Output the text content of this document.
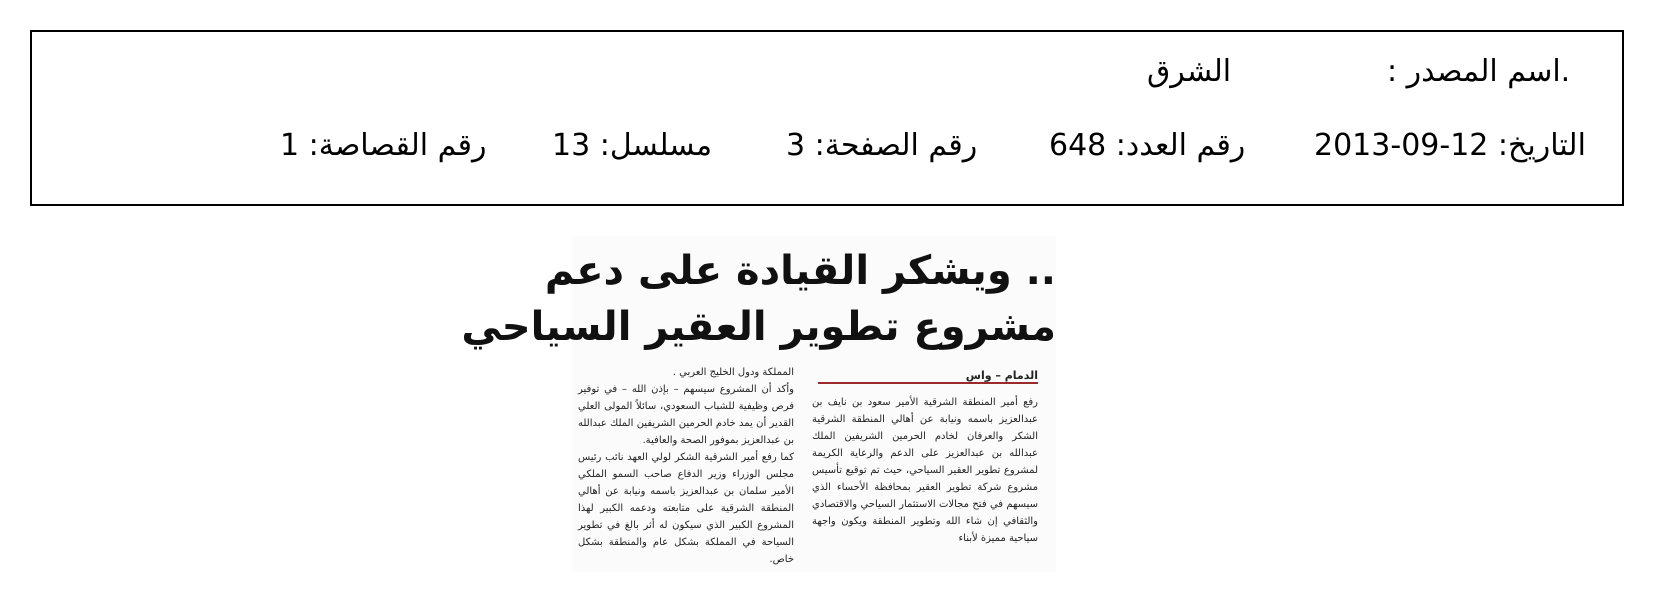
.اسم المصدر :
الشرق
التاريخ: 12-09-2013
رقم العدد: 648
رقم الصفحة: 3
مسلسل: 13
رقم القصاصة: 1
.. ويشكر القيادة على دعم
مشروع تطوير العقير السياحي
الدمام – واس

رفع أمير المنطقة الشرقية الأمير سعود بن نايف بن عبدالعزيز باسمه ونيابة عن أهالي المنطقة الشرقية الشكر والعرفان لخادم الحرمين الشريفين الملك عبدالله بن عبدالعزيز على الدعم والرعاية الكريمة لمشروع تطوير العقير السياحي، حيث تم توقيع تأسيس مشروع شركة تطوير العقير بمحافظة الأحساء الذي سيسهم في فتح مجالات الاستثمار السياحي والاقتصادي والثقافي إن شاء الله وتطوير المنطقة ويكون واجهة سياحية مميزة لأبناء

المملكة ودول الخليج العربي .

وأكد أن المشروع سيسهم – بإذن الله – في توفير فرص وظيفية للشباب السعودي، سائلاً المولى العلي القدير أن يمد خادم الحرمين الشريفين الملك عبدالله بن عبدالعزيز بموفور الصحة والعافية.

كما رفع أمير الشرقية الشكر لولي العهد نائب رئيس مجلس الوزراء وزير الدفاع صاحب السمو الملكي الأمير سلمان بن عبدالعزيز باسمه ونيابة عن أهالي المنطقة الشرقية على متابعته ودعمه الكبير لهذا المشروع الكبير الذي سيكون له أثر بالغ في تطوير السياحة في المملكة بشكل عام والمنطقة بشكل خاص.
